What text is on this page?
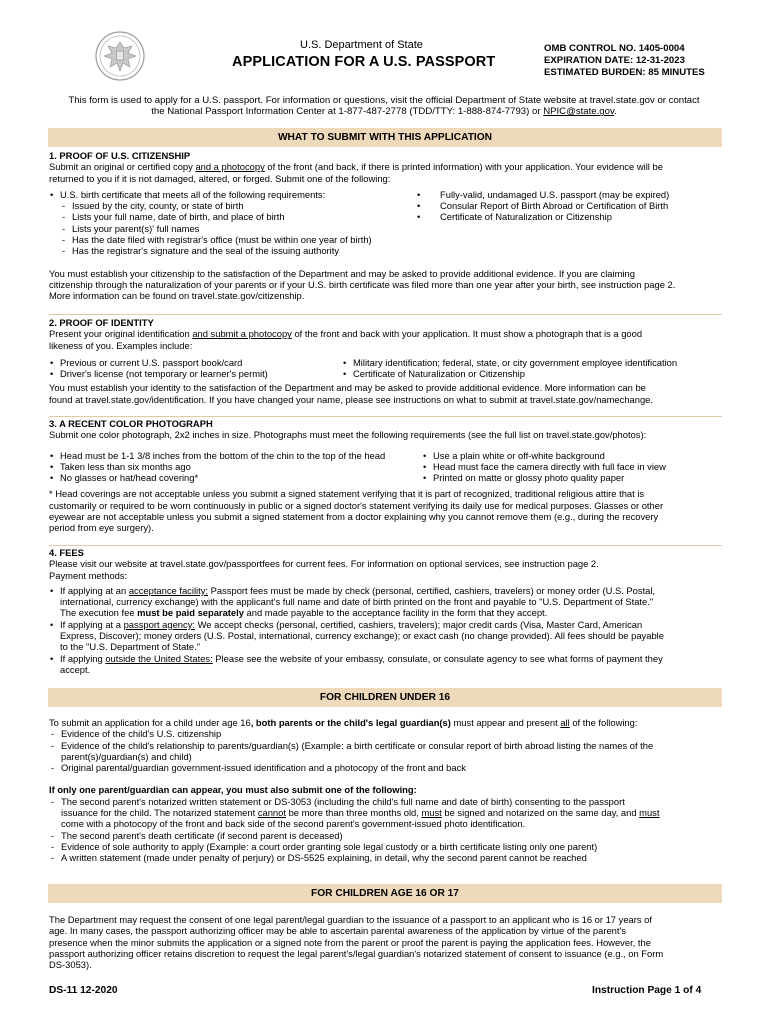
U.S. Department of State
APPLICATION FOR A U.S. PASSPORT
OMB CONTROL NO. 1405-0004
EXPIRATION DATE: 12-31-2023
ESTIMATED BURDEN: 85 MINUTES
This form is used to apply for a U.S. passport. For information or questions, visit the official Department of State website at travel.state.gov or contact
the National Passport Information Center at 1-877-487-2778 (TDD/TTY: 1-888-874-7793) or NPIC@state.gov.
WHAT TO SUBMIT WITH THIS APPLICATION
1. PROOF OF U.S. CITIZENSHIP

Submit an original or certified copy and a photocopy of the front (and back, if there is printed information) with your application. Your evidence will be

returned to you if it is not damaged, altered, or forged. Submit one of the following:

• U.S. birth certificate that meets all of the following requirements:
- Issued by the city, county, or state of birth
- Lists your full name, date of birth, and place of birth
- Lists your parent(s)' full names
- Has the date filed with registrar's office (must be within one year of birth)
- Has the registrar's signature and the seal of the issuing authority
• Fully-valid, undamaged U.S. passport (may be expired)
• Consular Report of Birth Abroad or Certification of Birth
• Certificate of Naturalization or Citizenship

You must establish your citizenship to the satisfaction of the Department and may be asked to provide additional evidence. If you are claiming

citizenship through the naturalization of your parents or if your U.S. birth certificate was filed more than one year after your birth, see instruction page 2.

More information can be found on travel.state.gov/citizenship.

2. PROOF OF IDENTITY

Present your original identification and submit a photocopy of the front and back with your application. It must show a photograph that is a good

likeness of you. Examples include:

• Previous or current U.S. passport book/card
• Driver's license (not temporary or learner's permit)
• Military identification; federal, state, or city government employee identification
• Certificate of Naturalization or Citizenship

You must establish your identity to the satisfaction of the Department and may be asked to provide additional evidence. More information can be

found at travel.state.gov/identification. If you have changed your name, please see instructions on what to submit at travel.state.gov/namechange.

3. A RECENT COLOR PHOTOGRAPH

Submit one color photograph, 2x2 inches in size. Photographs must meet the following requirements (see the full list on travel.state.gov/photos):

• Head must be 1-1 3/8 inches from the bottom of the chin to the top of the head
• Taken less than six months ago
• No glasses or hat/head covering*
• Use a plain white or off-white background
• Head must face the camera directly with full face in view
• Printed on matte or glossy photo quality paper

* Head coverings are not acceptable unless you submit a signed statement verifying that it is part of recognized, traditional religious attire that is

customarily or required to be worn continuously in public or a signed doctor's statement verifying its daily use for medical purposes. Glasses or other

eyewear are not acceptable unless you submit a signed statement from a doctor explaining why you cannot remove them (e.g., during the recovery

period from eye surgery).

4. FEES

Please visit our website at travel.state.gov/passportfees for current fees. For information on optional services, see instruction page 2.

Payment methods:

• If applying at an acceptance facility: Passport fees must be made by check (personal, certified, cashiers, travelers) or money order (U.S. Postal,
international, currency exchange) with the applicant's full name and date of birth printed on the front and payable to "U.S. Department of State."
The execution fee must be paid separately and made payable to the acceptance facility in the form that they accept.
• If applying at a passport agency: We accept checks (personal, certified, cashiers, travelers); major credit cards (Visa, Master Card, American
Express, Discover); money orders (U.S. Postal, international, currency exchange); or exact cash (no change provided). All fees should be payable
to the "U.S. Department of State."
• If applying outside the United States: Please see the website of your embassy, consulate, or consulate agency to see what forms of payment they
accept.
FOR CHILDREN UNDER 16

To submit an application for a child under age 16, both parents or the child's legal guardian(s) must appear and present all of the following:

- Evidence of the child's U.S. citizenship
- Evidence of the child's relationship to parents/guardian(s) (Example: a birth certificate or consular report of birth abroad listing the names of the
parent(s)/guardian(s) and child)
- Original parental/guardian government-issued identification and a photocopy of the front and back

If only one parent/guardian can appear, you must also submit one of the following:

- The second parent's notarized written statement or DS-3053 (including the child's full name and date of birth) consenting to the passport
issuance for the child. The notarized statement cannot be more than three months old, must be signed and notarized on the same day, and must
come with a photocopy of the front and back side of the second parent's government-issued photo identification.
- The second parent's death certificate (if second parent is deceased)
- Evidence of sole authority to apply (Example: a court order granting sole legal custody or a birth certificate listing only one parent)
- A written statement (made under penalty of perjury) or DS-5525 explaining, in detail, why the second parent cannot be reached
FOR CHILDREN AGE 16 OR 17

The Department may request the consent of one legal parent/legal guardian to the issuance of a passport to an applicant who is 16 or 17 years of

age. In many cases, the passport authorizing officer may be able to ascertain parental awareness of the application by virtue of the parent's

presence when the minor submits the application or a signed note from the parent or proof the parent is paying the application fees. However, the

passport authorizing officer retains discretion to request the legal parent's/legal guardian's notarized statement of consent to issuance (e.g., on Form

DS-3053).

DS-11 12-2020	Instruction Page 1 of 4
